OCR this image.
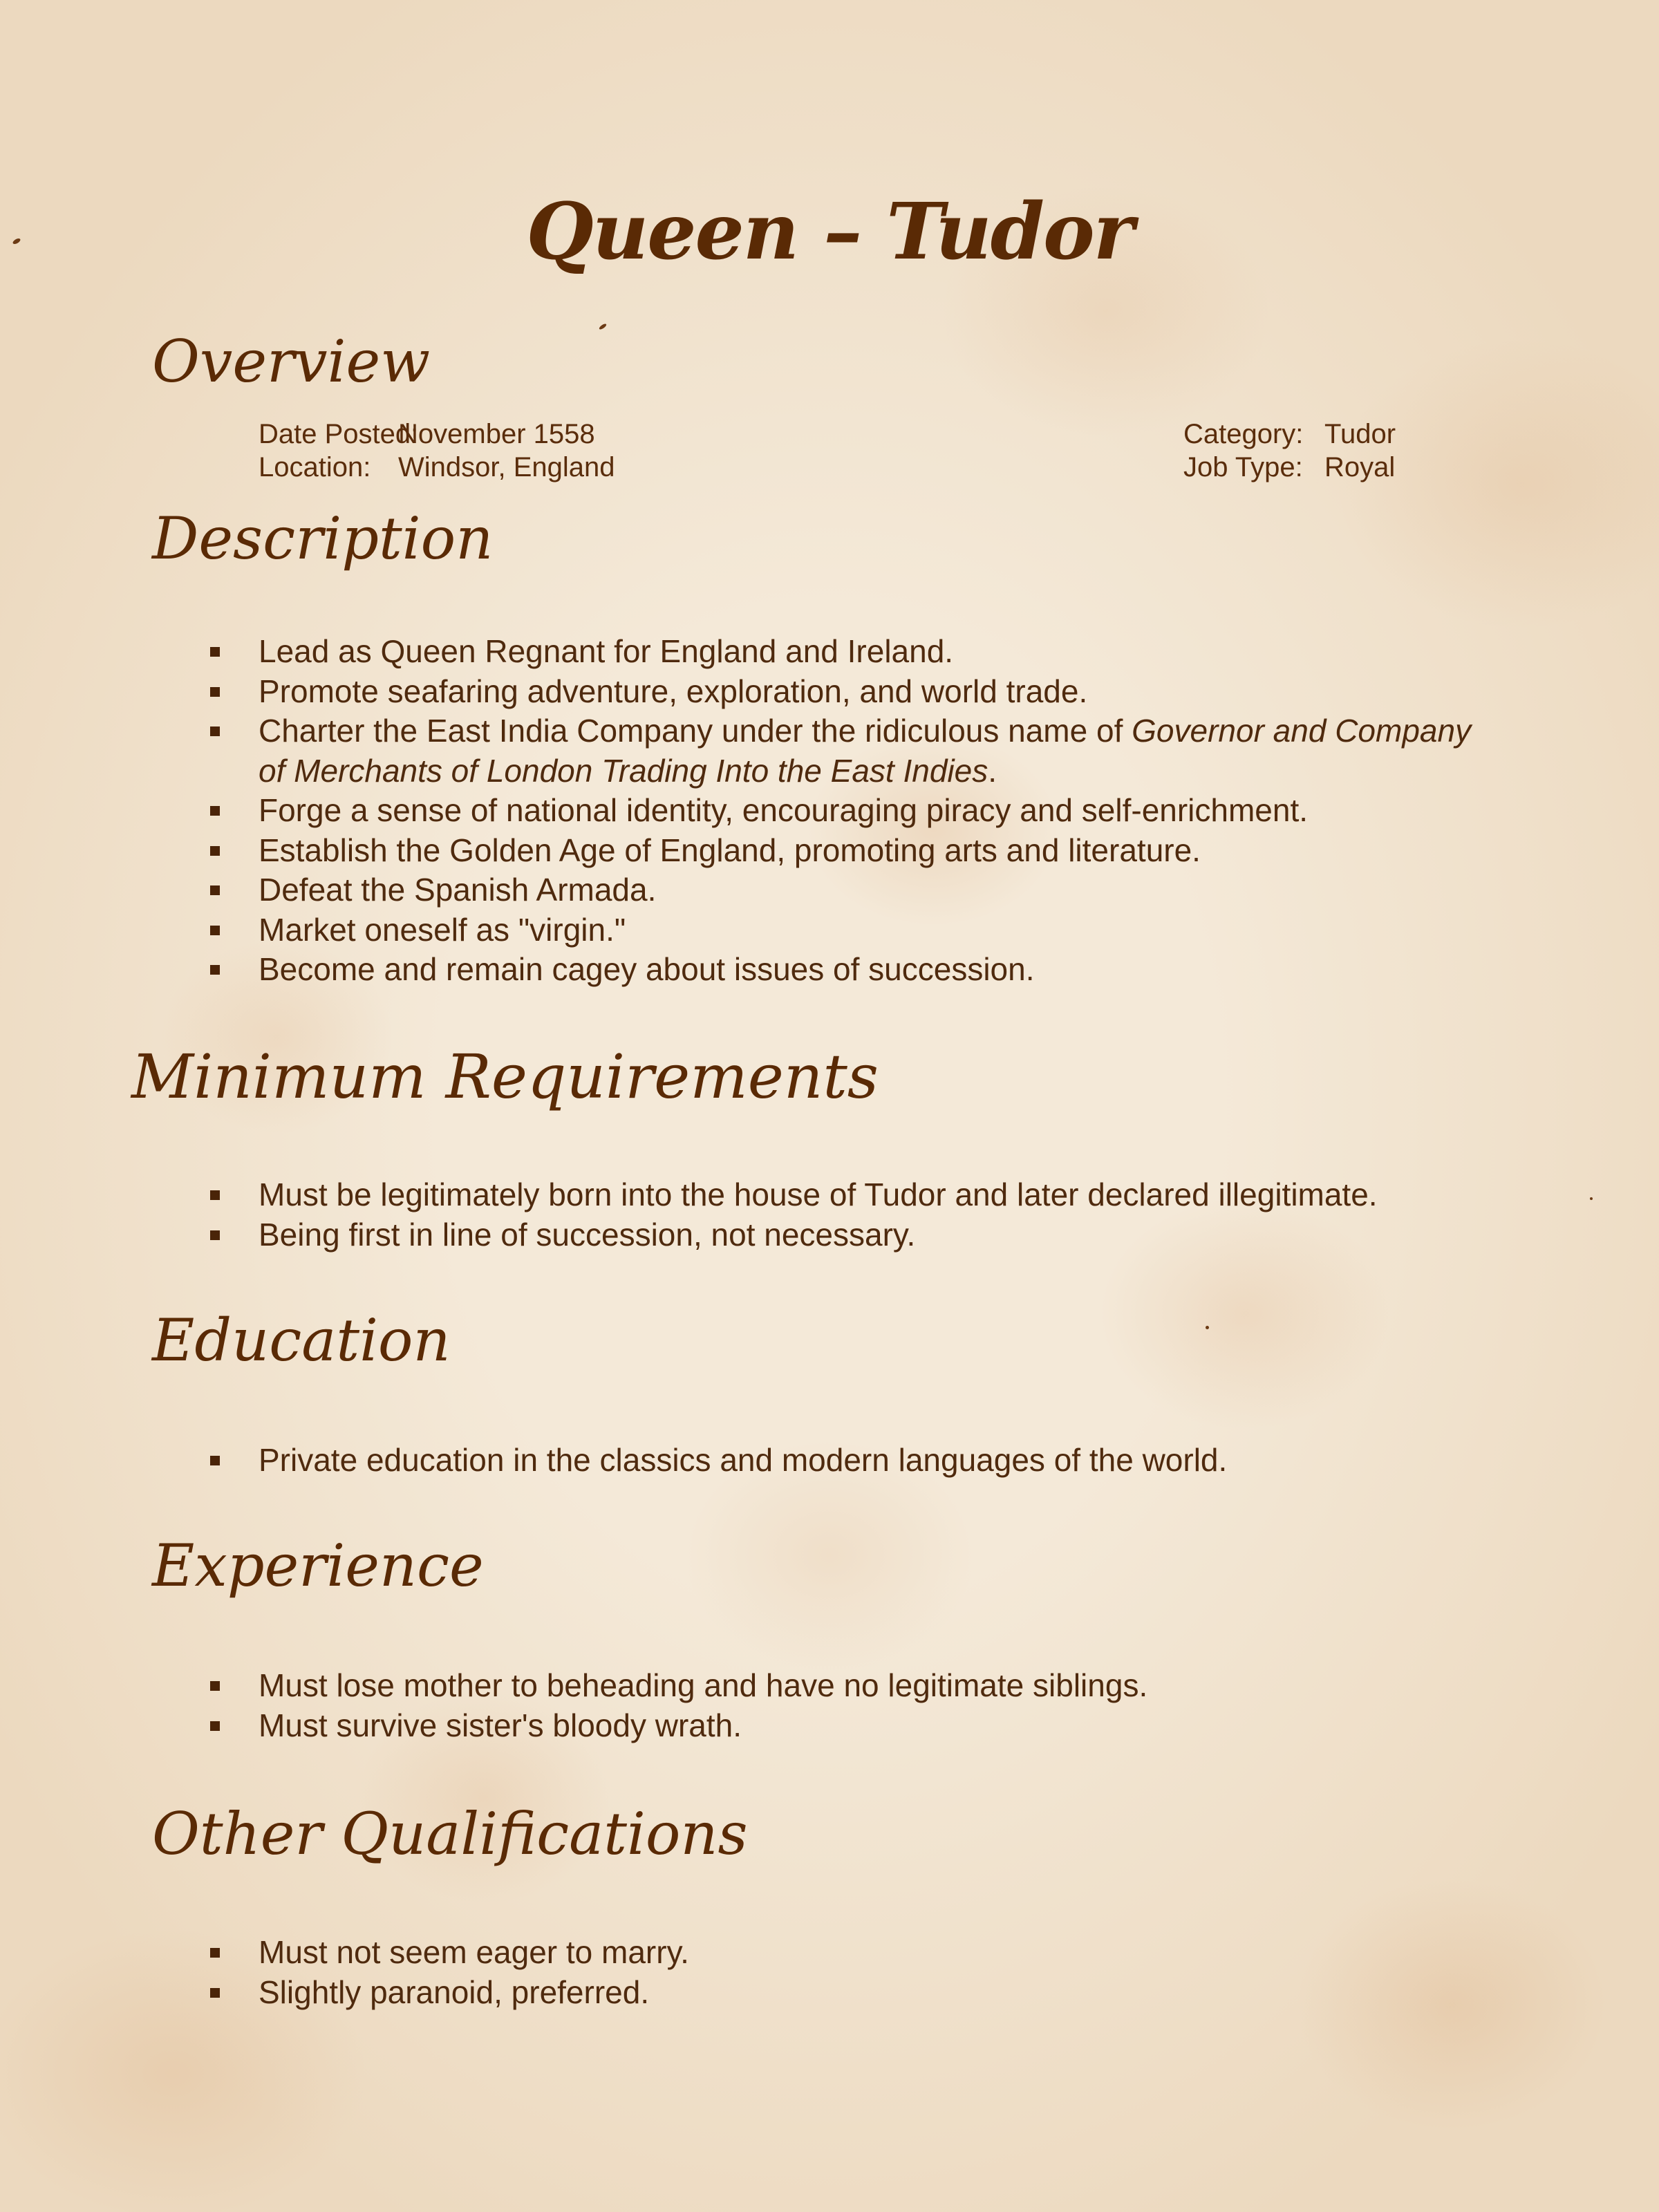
Queen – Tudor
Overview
Date Posted:November 1558
Location: Windsor, England
Category: Tudor
Job Type: Royal
Description
Lead as Queen Regnant for England and Ireland.
Promote seafaring adventure, exploration, and world trade.
Charter the East India Company under the ridiculous name of Governor and Company of Merchants of London Trading Into the East Indies.
Forge a sense of national identity, encouraging piracy and self-enrichment.
Establish the Golden Age of England, promoting arts and literature.
Defeat the Spanish Armada.
Market oneself as "virgin."
Become and remain cagey about issues of succession.
Minimum Requirements
Must be legitimately born into the house of Tudor and later declared illegitimate.
Being first in line of succession, not necessary.
Education
Private education in the classics and modern languages of the world.
Experience
Must lose mother to beheading and have no legitimate siblings.
Must survive sister's bloody wrath.
Other Qualifications
Must not seem eager to marry.
Slightly paranoid, preferred.
